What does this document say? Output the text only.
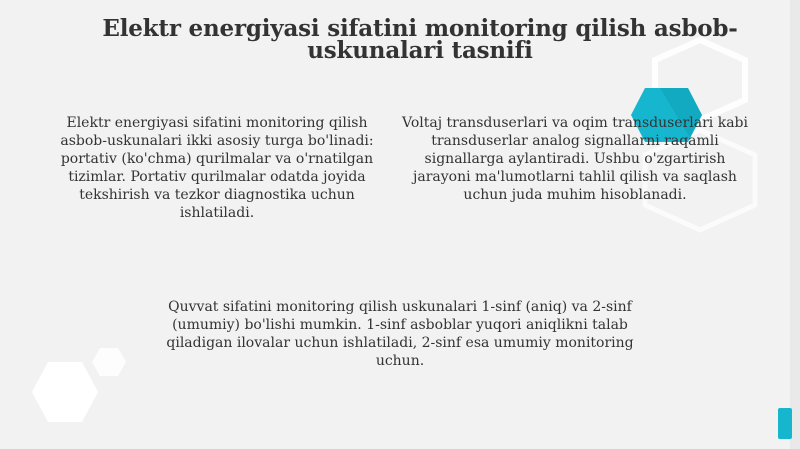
Elektr energiyasi sifatini monitoring qilish asbob-uskunalari tasnifi
Elektr energiyasi sifatini monitoring qilish asbob-uskunalari ikki asosiy turga bo'linadi: portativ (ko'chma) qurilmalar va o'rnatilgan tizimlar. Portativ qurilmalar odatda joyida tekshirish va tezkor diagnostika uchun ishlatiladi.
Voltaj transduserlari va oqim transduserlari kabi transduserlar analog signallarni raqamli signallarga aylantiradi. Ushbu o'zgartirish jarayoni ma'lumotlarni tahlil qilish va saqlash uchun juda muhim hisoblanadi.
Quvvat sifatini monitoring qilish uskunalari 1-sinf (aniq) va 2-sinf (umumiy) bo'lishi mumkin. 1-sinf asboblar yuqori aniqlikni talab qiladigan ilovalar uchun ishlatiladi, 2-sinf esa umumiy monitoring uchun.
